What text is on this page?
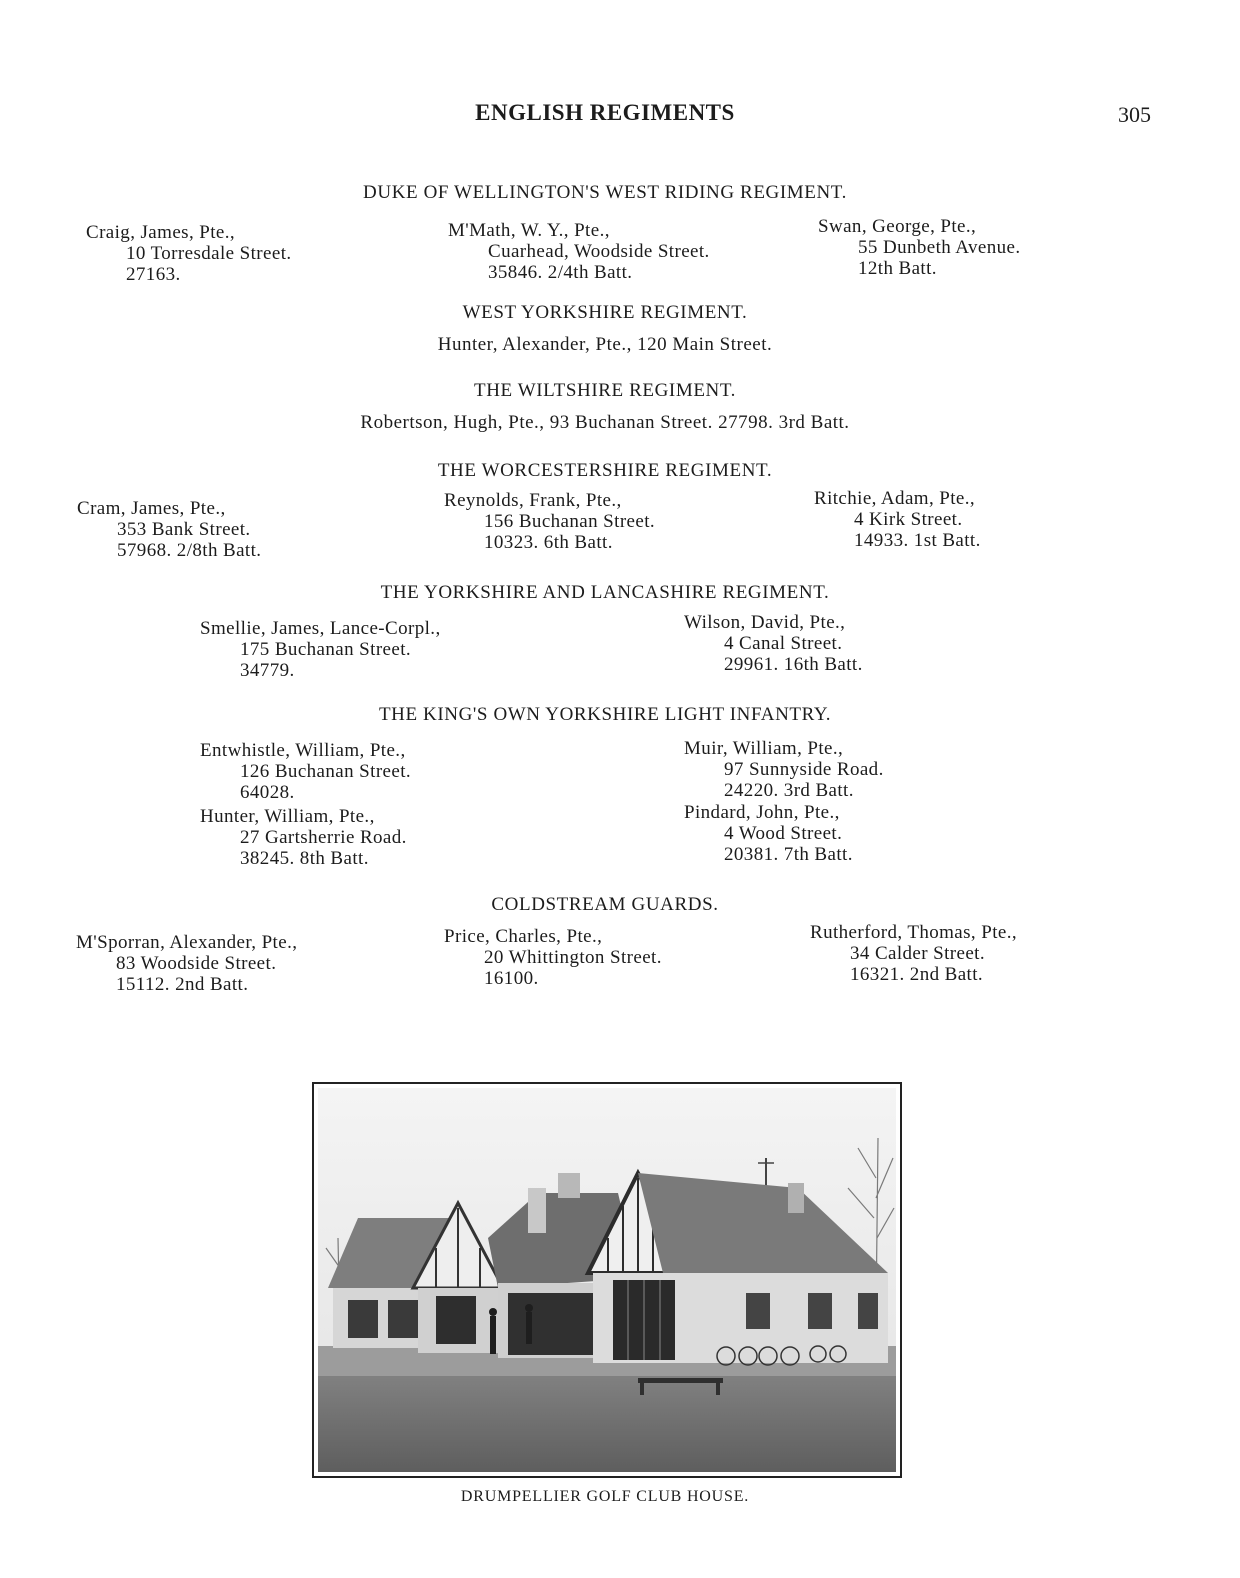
ENGLISH REGIMENTS	305
DUKE OF WELLINGTON'S WEST RIDING REGIMENT.
Craig, James, Pte.,
10 Torresdale Street.
27163.
M'Math, W. Y., Pte.,
Cuarhead, Woodside Street.
35846. 2/4th Batt.
Swan, George, Pte.,
55 Dunbeth Avenue.
12th Batt.
WEST YORKSHIRE REGIMENT.
Hunter, Alexander, Pte., 120 Main Street.
THE WILTSHIRE REGIMENT.
Robertson, Hugh, Pte., 93 Buchanan Street. 27798. 3rd Batt.
THE WORCESTERSHIRE REGIMENT.
Cram, James, Pte.,
353 Bank Street.
57968. 2/8th Batt.
Reynolds, Frank, Pte.,
156 Buchanan Street.
10323. 6th Batt.
Ritchie, Adam, Pte.,
4 Kirk Street.
14933. 1st Batt.
THE YORKSHIRE AND LANCASHIRE REGIMENT.
Smellie, James, Lance-Corpl.,
175 Buchanan Street.
34779.
Wilson, David, Pte.,
4 Canal Street.
29961. 16th Batt.
THE KING'S OWN YORKSHIRE LIGHT INFANTRY.
Entwhistle, William, Pte.,
126 Buchanan Street.
64028.
Hunter, William, Pte.,
27 Gartsherrie Road.
38245. 8th Batt.
Muir, William, Pte.,
97 Sunnyside Road.
24220. 3rd Batt.
Pindard, John, Pte.,
4 Wood Street.
20381. 7th Batt.
COLDSTREAM GUARDS.
M'Sporran, Alexander, Pte.,
83 Woodside Street.
15112. 2nd Batt.
Price, Charles, Pte.,
20 Whittington Street.
16100.
Rutherford, Thomas, Pte.,
34 Calder Street.
16321. 2nd Batt.
DRUMPELLIER GOLF CLUB HOUSE.
